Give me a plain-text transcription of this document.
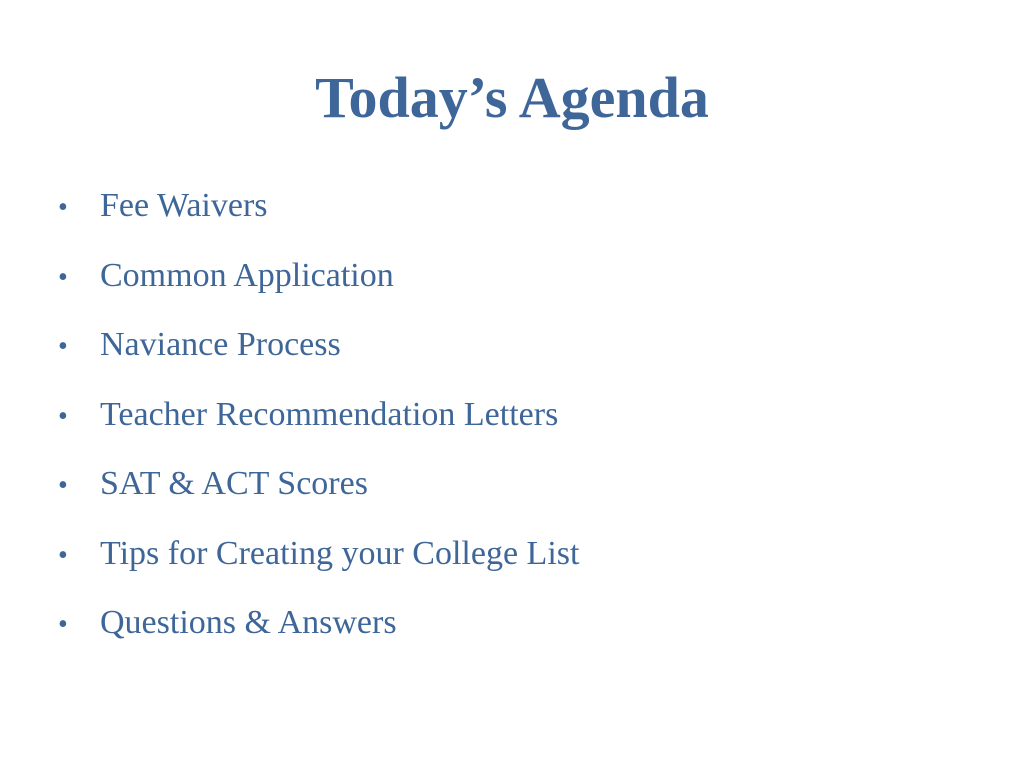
Today’s Agenda
• Fee Waivers
• Common Application
• Naviance Process
• Teacher Recommendation Letters
• SAT & ACT Scores
• Tips for Creating your College List
• Questions & Answers
